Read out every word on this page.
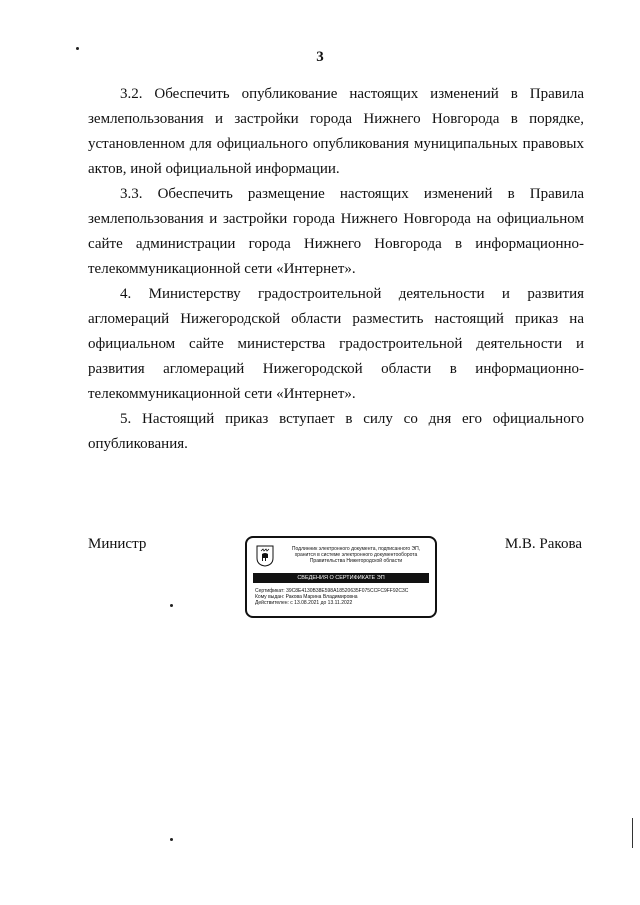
3

3.2. Обеспечить опубликование настоящих изменений в Правила землепользования и застройки города Нижнего Новгорода в порядке, установленном для официального опубликования муниципальных правовых актов, иной официальной информации.

3.3. Обеспечить размещение настоящих изменений в Правила землепользования и застройки города Нижнего Новгорода на официальном сайте администрации города Нижнего Новгорода в информационно-телекоммуникационной сети «Интернет».

4. Министерству градостроительной деятельности и развития агломераций Нижегородской области разместить настоящий приказ на официальном сайте министерства градостроительной деятельности и развития агломераций Нижегородской области в информационно-телекоммуникационной сети «Интернет».

5. Настоящий приказ вступает в силу со дня его официального опубликования.

Министр	М.В. Ракова
Подлинник электронного документа, подписанного ЭП,
хранится в системе электронного документооборота
Правительства Нижегородской области
СВЕДЕНИЯ О СЕРТИФИКАТЕ ЭП
Сертификат: 39C8E4130B38E598A18520635F075CCFC9FF92C3C
Кому выдан: Ракова Марина Владимировна
Действителен: с 13.08.2021 до 13.11.2022
